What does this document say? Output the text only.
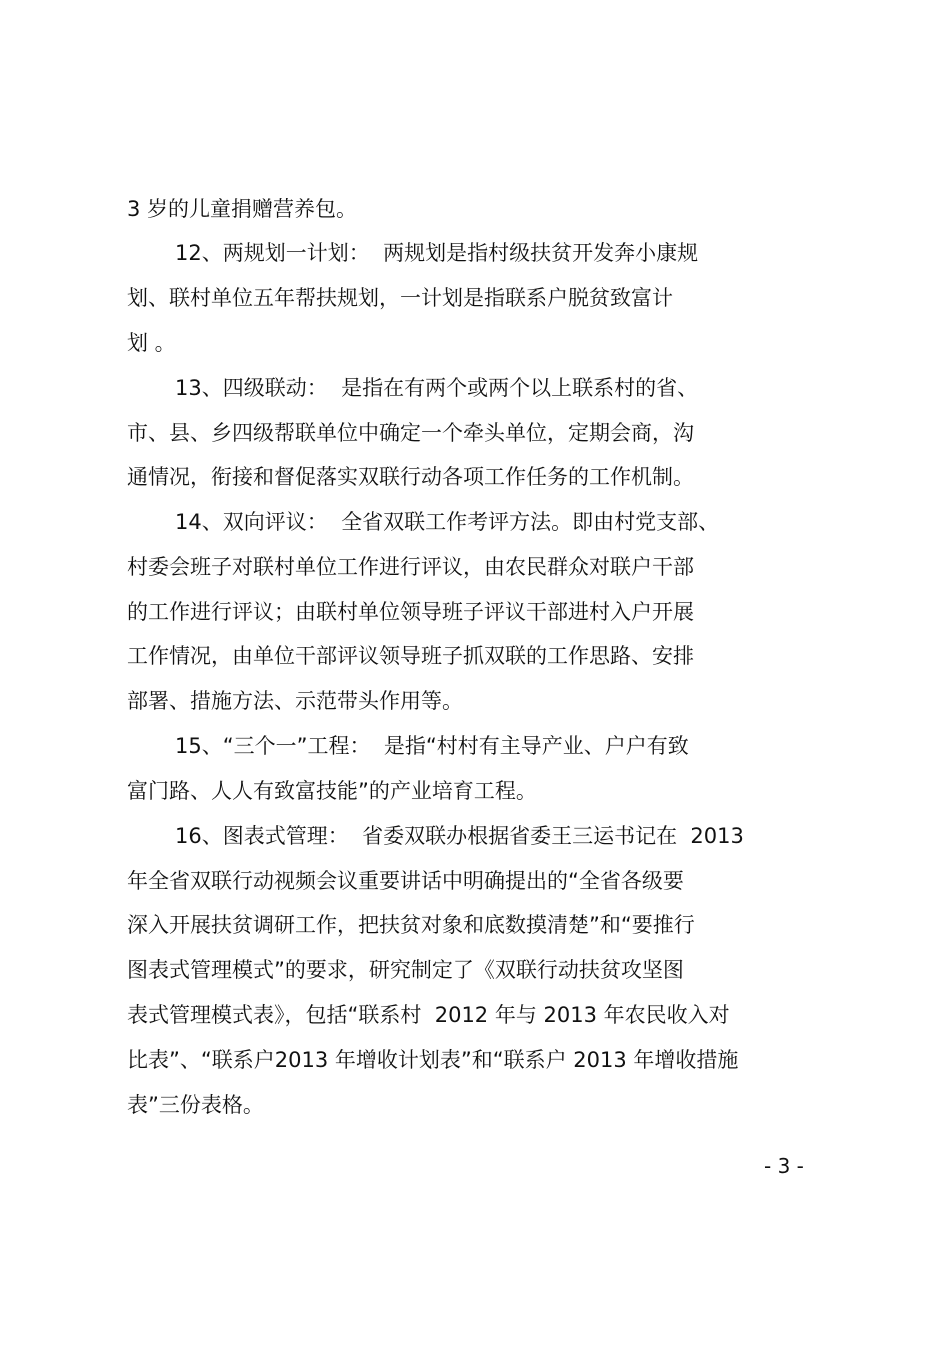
3 岁的儿童捐赠营养包。

12、两规划一计划：  两规划是指村级扶贫开发奔小康规

划、联村单位五年帮扶规划，一计划是指联系户脱贫致富计

划 。

13、四级联动：  是指在有两个或两个以上联系村的省、

市、县、乡四级帮联单位中确定一个牵头单位，定期会商，沟

通情况，衔接和督促落实双联行动各项工作任务的工作机制。

14、双向评议：  全省双联工作考评方法。即由村党支部、

村委会班子对联村单位工作进行评议，由农民群众对联户干部

的工作进行评议；由联村单位领导班子评议干部进村入户开展

工作情况，由单位干部评议领导班子抓双联的工作思路、安排

部署、措施方法、示范带头作用等。

15、“三个一”工程：  是指“村村有主导产业、户户有致

富门路、人人有致富技能”的产业培育工程。

16、图表式管理：  省委双联办根据省委王三运书记在  2013

年全省双联行动视频会议重要讲话中明确提出的“全省各级要

深入开展扶贫调研工作，把扶贫对象和底数摸清楚”和“要推行

图表式管理模式”的要求，研究制定了《双联行动扶贫攻坚图

表式管理模式表》，包括“联系村  2012 年与 2013 年农民收入对

比表”、“联系户2013 年增收计划表”和“联系户 2013 年增收措施

表”三份表格。

- 3 -
